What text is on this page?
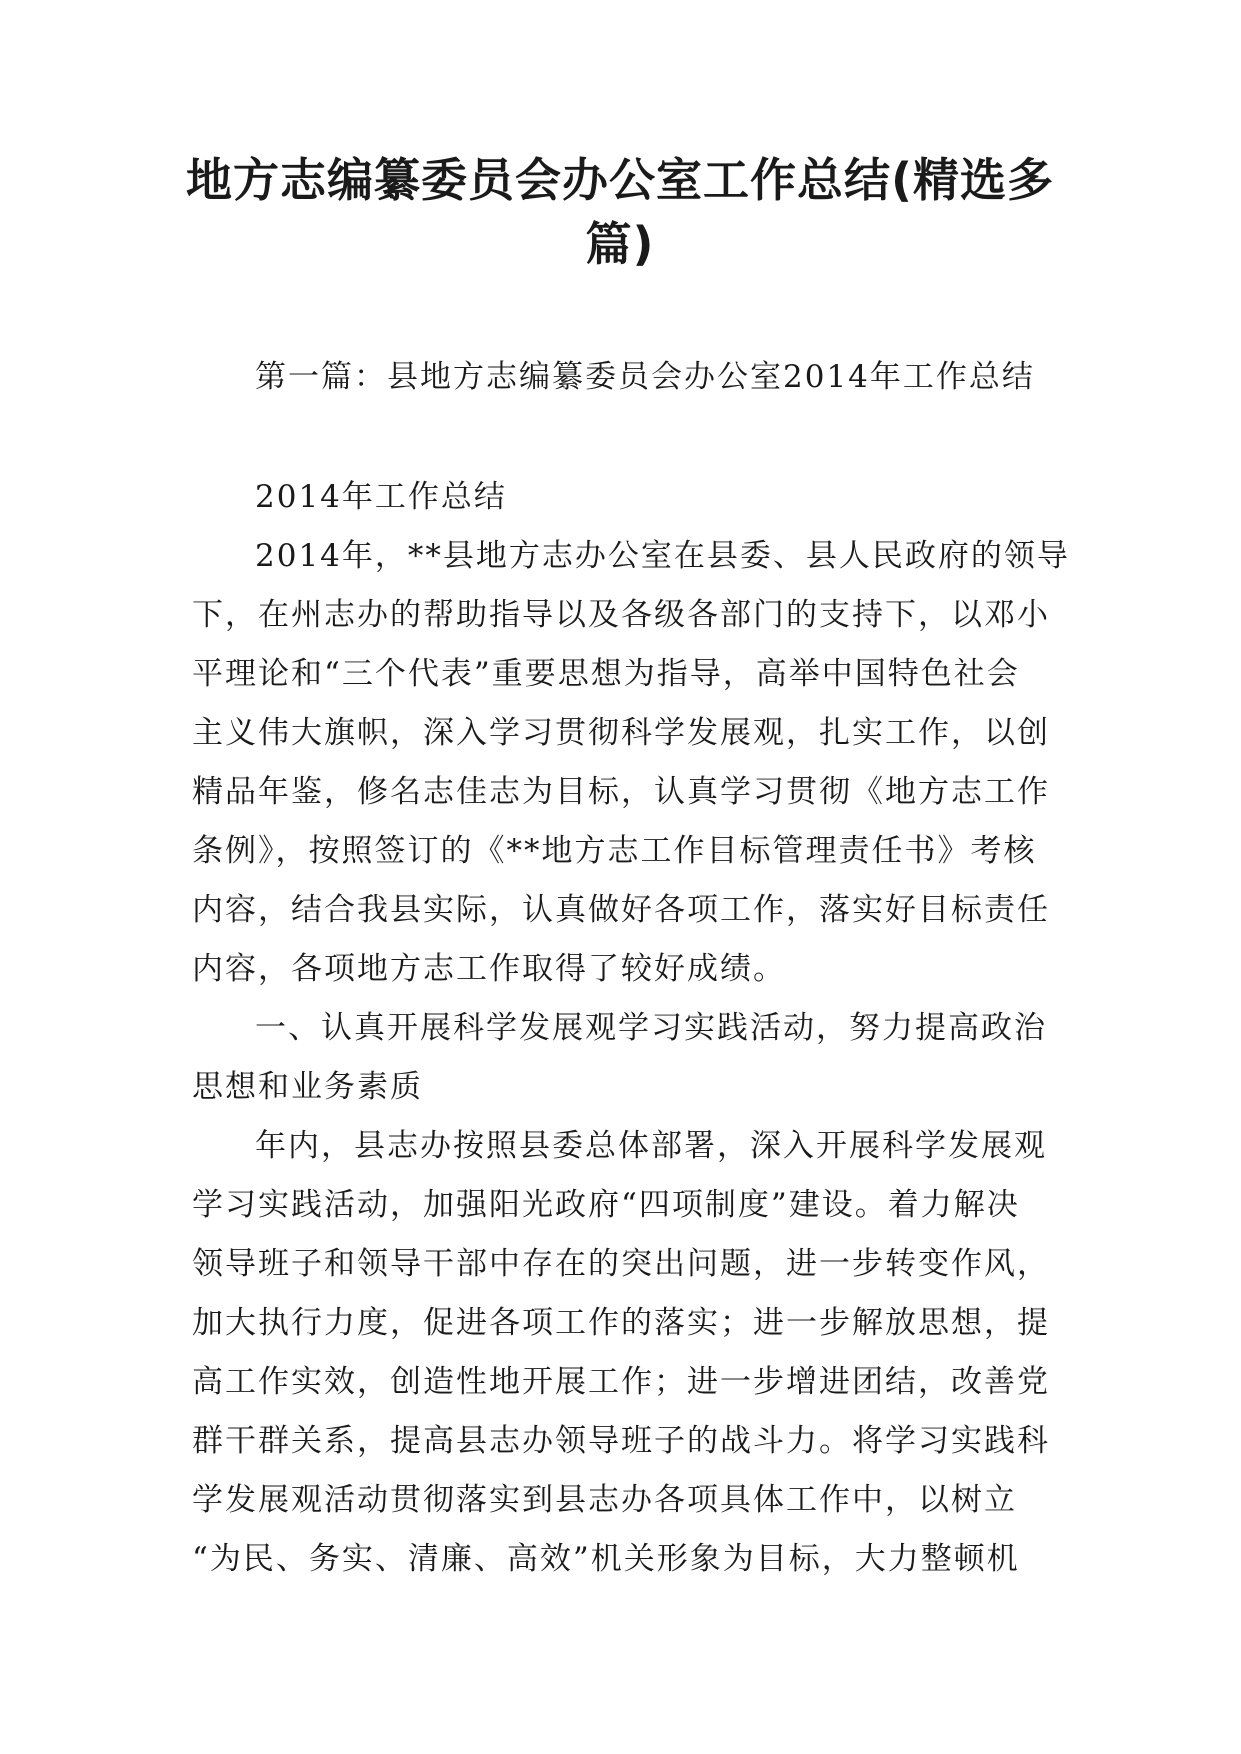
地方志编纂委员会办公室工作总结(精选多
篇)

第一篇：县地方志编纂委员会办公室2014年工作总结

2014年工作总结
2014年，**县地方志办公室在县委、县人民政府的领导
下，在州志办的帮助指导以及各级各部门的支持下，以邓小
平理论和“三个代表”重要思想为指导，高举中国特色社会
主义伟大旗帜，深入学习贯彻科学发展观，扎实工作，以创
精品年鉴，修名志佳志为目标，认真学习贯彻《地方志工作
条例》，按照签订的《**地方志工作目标管理责任书》考核
内容，结合我县实际，认真做好各项工作，落实好目标责任
内容，各项地方志工作取得了较好成绩。
一、认真开展科学发展观学习实践活动，努力提高政治
思想和业务素质
年内，县志办按照县委总体部署，深入开展科学发展观
学习实践活动，加强阳光政府“四项制度”建设。着力解决
领导班子和领导干部中存在的突出问题，进一步转变作风，
加大执行力度，促进各项工作的落实；进一步解放思想，提
高工作实效，创造性地开展工作；进一步增进团结，改善党
群干群关系，提高县志办领导班子的战斗力。将学习实践科
学发展观活动贯彻落实到县志办各项具体工作中，以树立
“为民、务实、清廉、高效”机关形象为目标，大力整顿机
